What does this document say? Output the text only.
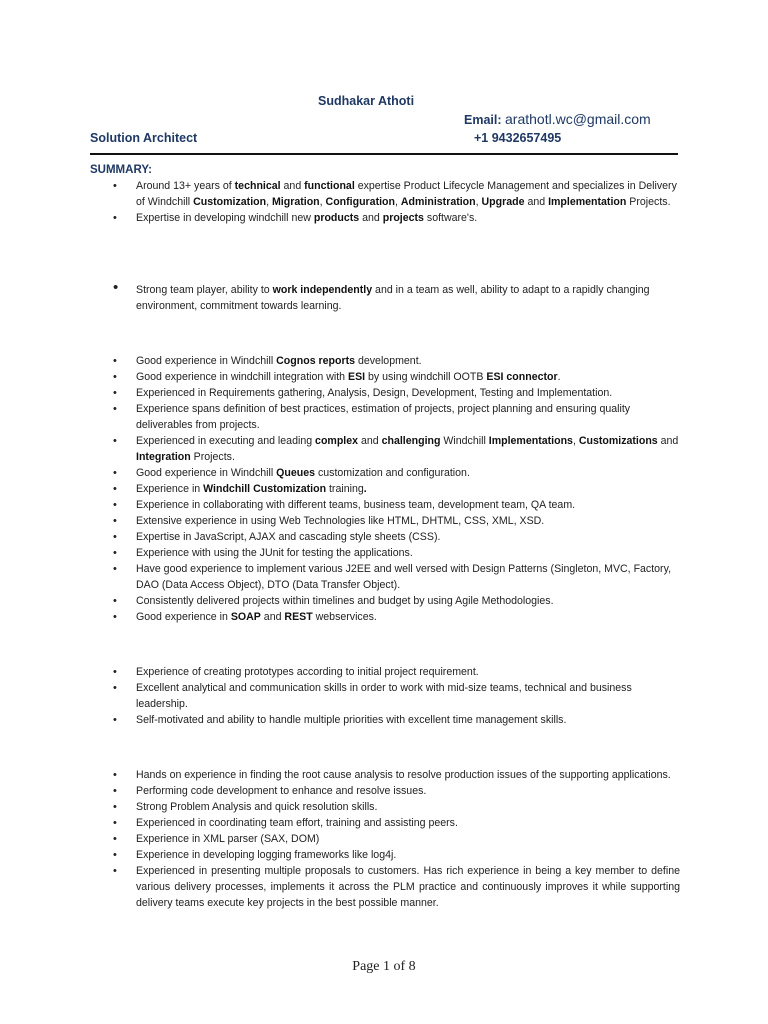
Sudhakar Athoti
Email: arathotl.wc@gmail.com
Solution Architect	+1 9432657495
SUMMARY:
• Around 13+ years of technical and functional expertise Product Lifecycle Management and specializes in Delivery of Windchill Customization, Migration, Configuration, Administration, Upgrade and Implementation Projects.
• Expertise in developing windchill new products and projects software's.
• Strong team player, ability to work independently and in a team as well, ability to adapt to a rapidly changing environment, commitment towards learning.
• Good experience in Windchill Cognos reports development.
• Good experience in windchill integration with ESI by using windchill OOTB ESI connector.
• Experienced in Requirements gathering, Analysis, Design, Development, Testing and Implementation.
• Experience spans definition of best practices, estimation of projects, project planning and ensuring quality deliverables from projects.
• Experienced in executing and leading complex and challenging Windchill Implementations, Customizations and Integration Projects.
• Good experience in Windchill Queues customization and configuration.
• Experience in Windchill Customization training.
• Experience in collaborating with different teams, business team, development team, QA team.
• Extensive experience in using Web Technologies like HTML, DHTML, CSS, XML, XSD.
• Expertise in JavaScript, AJAX and cascading style sheets (CSS).
• Experience with using the JUnit for testing the applications.
• Have good experience to implement various J2EE and well versed with Design Patterns (Singleton, MVC, Factory, DAO (Data Access Object), DTO (Data Transfer Object).
• Consistently delivered projects within timelines and budget by using Agile Methodologies.
• Good experience in SOAP and REST webservices.
• Experience of creating prototypes according to initial project requirement.
• Excellent analytical and communication skills in order to work with mid-size teams, technical and business leadership.
• Self-motivated and ability to handle multiple priorities with excellent time management skills.
• Hands on experience in finding the root cause analysis to resolve production issues of the supporting applications.
• Performing code development to enhance and resolve issues.
• Strong Problem Analysis and quick resolution skills.
• Experienced in coordinating team effort, training and assisting peers.
• Experience in XML parser (SAX, DOM)
• Experience in developing logging frameworks like log4j.
• Experienced in presenting multiple proposals to customers. Has rich experience in being a key member to define various delivery processes, implements it across the PLM practice and continuously improves it while supporting delivery teams execute key projects in the best possible manner.
Page 1 of 8
